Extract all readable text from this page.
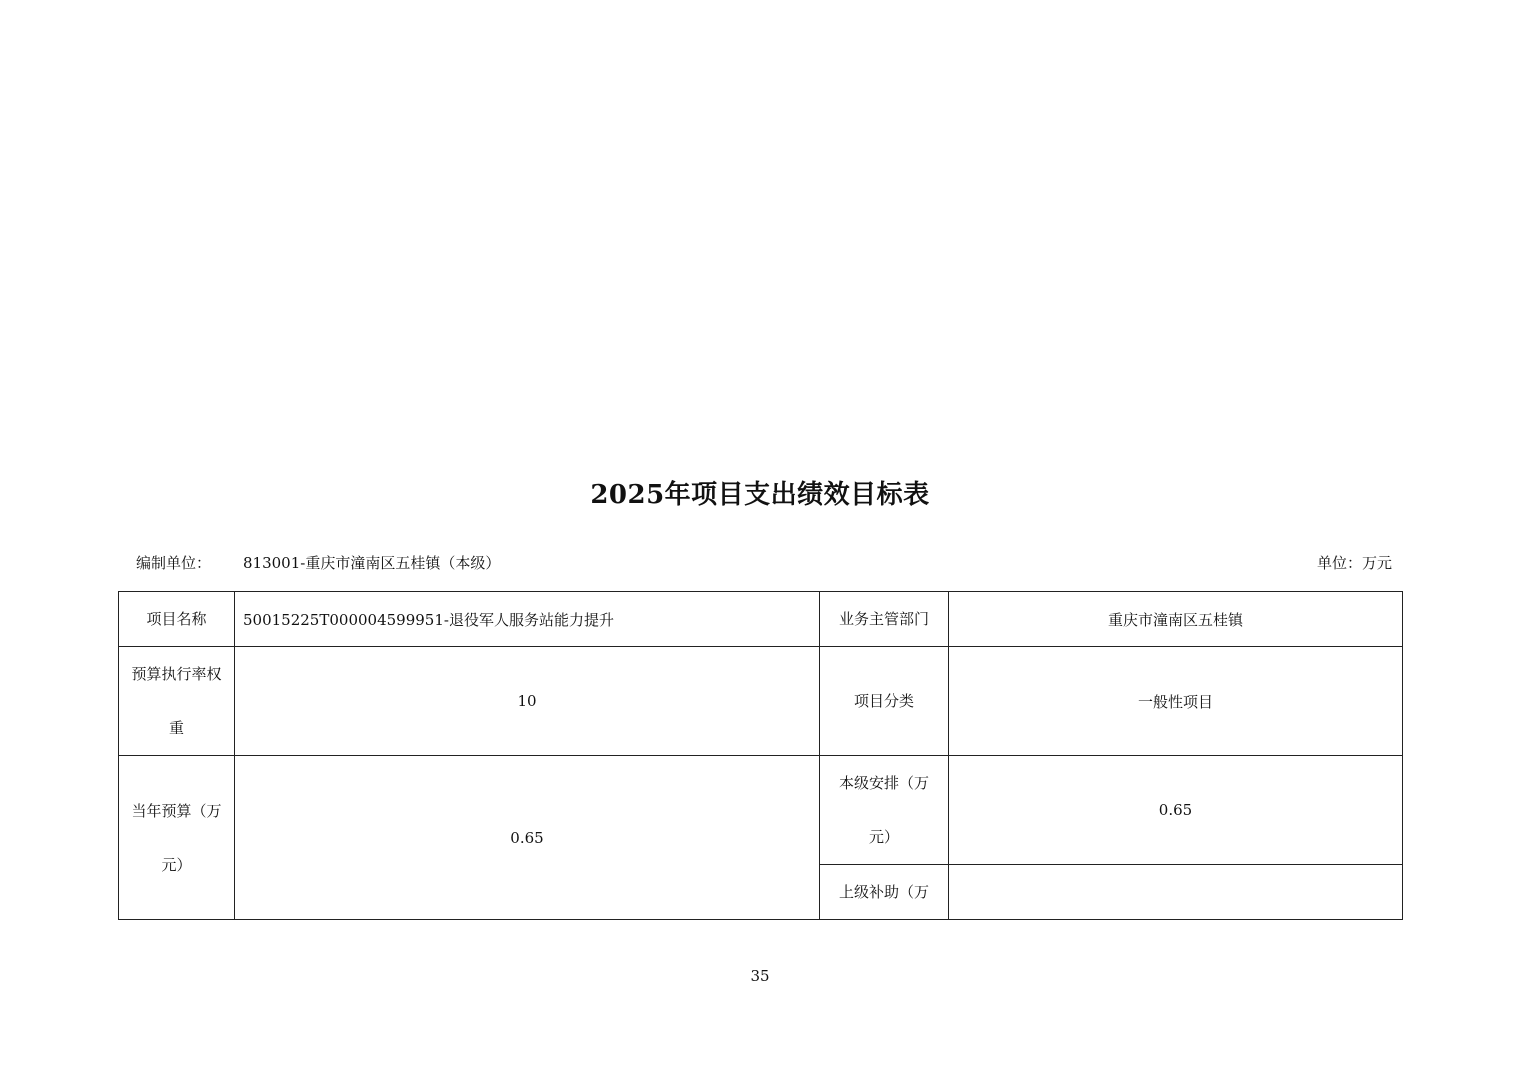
2025年项目支出绩效目标表
编制单位： 813001-重庆市潼南区五桂镇（本级）	单位：万元
项目名称	50015225T000004599951-退役军人服务站能力提升	业务主管部门	重庆市潼南区五桂镇
预算执行率权重	10	项目分类	一般性项目
当年预算（万元）	0.65	本级安排（万元）	0.65
		上级补助（万	
35
